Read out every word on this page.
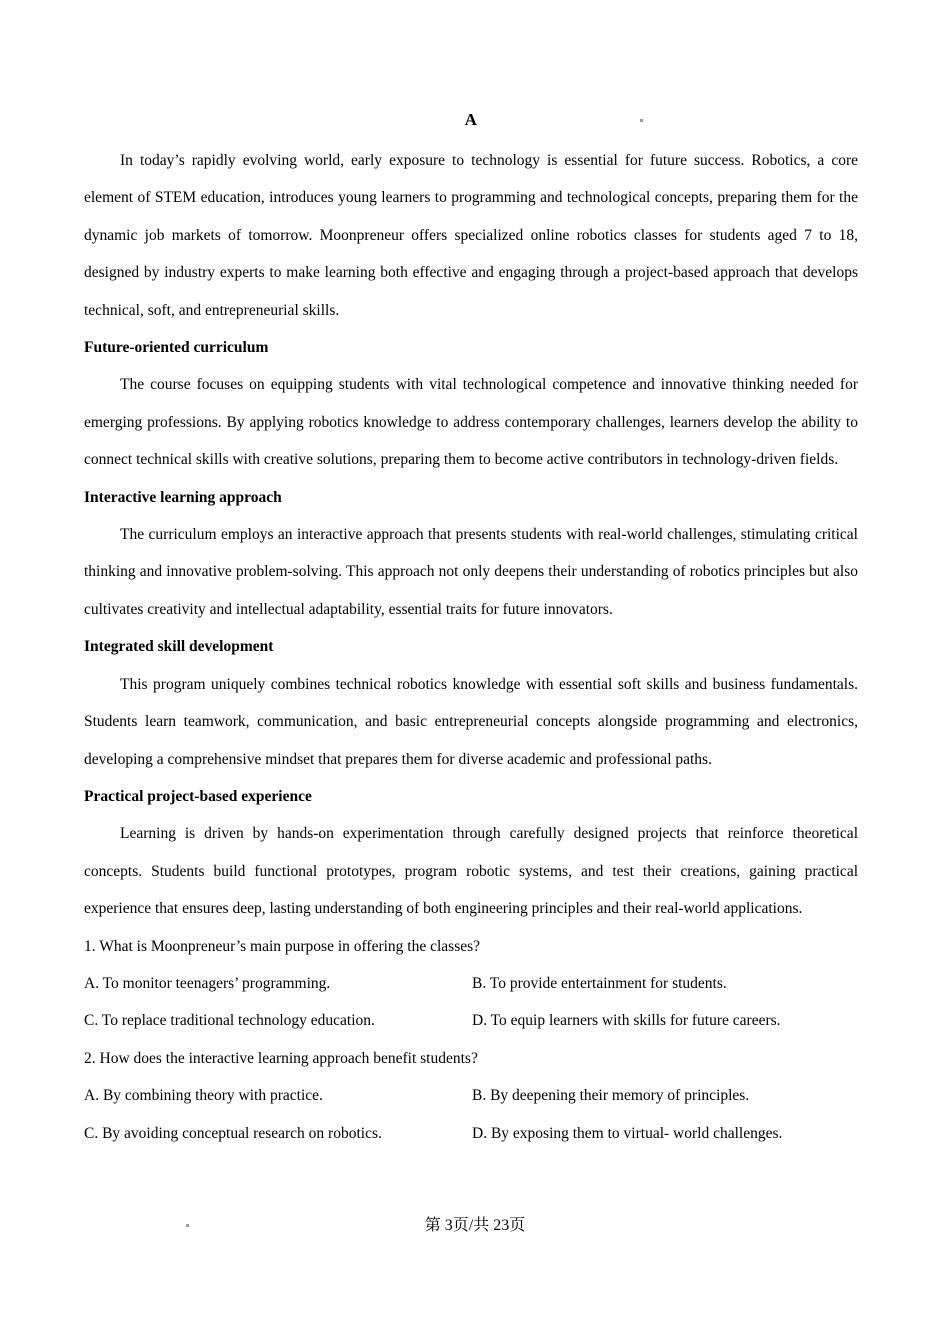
A

In today’s rapidly evolving world, early exposure to technology is essential for future success. Robotics, a core element of STEM education, introduces young learners to programming and technological concepts, preparing them for the dynamic job markets of tomorrow. Moonpreneur offers specialized online robotics classes for students aged 7 to 18, designed by industry experts to make learning both effective and engaging through a project-based approach that develops technical, soft, and entrepreneurial skills.

Future-oriented curriculum

The course focuses on equipping students with vital technological competence and innovative thinking needed for emerging professions. By applying robotics knowledge to address contemporary challenges, learners develop the ability to connect technical skills with creative solutions, preparing them to become active contributors in technology-driven fields.

Interactive learning approach

The curriculum employs an interactive approach that presents students with real-world challenges, stimulating critical thinking and innovative problem-solving. This approach not only deepens their understanding of robotics principles but also cultivates creativity and intellectual adaptability, essential traits for future innovators.

Integrated skill development

This program uniquely combines technical robotics knowledge with essential soft skills and business fundamentals. Students learn teamwork, communication, and basic entrepreneurial concepts alongside programming and electronics, developing a comprehensive mindset that prepares them for diverse academic and professional paths.

Practical project-based experience

Learning is driven by hands-on experimentation through carefully designed projects that reinforce theoretical concepts. Students build functional prototypes, program robotic systems, and test their creations, gaining practical experience that ensures deep, lasting understanding of both engineering principles and their real-world applications.

1. What is Moonpreneur’s main purpose in offering the classes?

A. To monitor teenagers’ programming.	B. To provide entertainment for students.
C. To replace traditional technology education.	D. To equip learners with skills for future careers.

2. How does the interactive learning approach benefit students?

A. By combining theory with practice.	B. By deepening their memory of principles.
C. By avoiding conceptual research on robotics.	D. By exposing them to virtual- world challenges.
第 3页/共 23页
